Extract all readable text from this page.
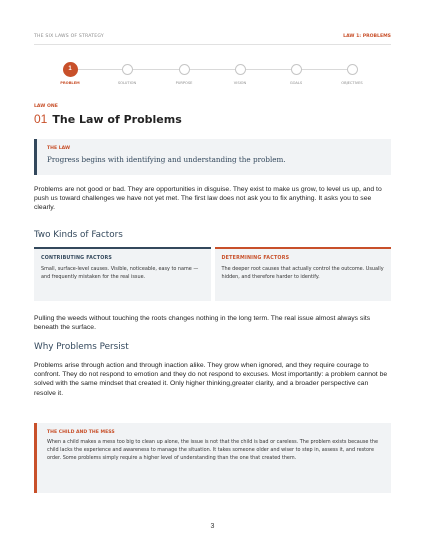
THE SIX LAWS OF STRATEGY	LAW 1: PROBLEMS
1
PROBLEM	SOLUTION	PURPOSE	VISION	GOALS	OBJECTIVES
LAW ONE
01 The Law of Problems
THE LAW
Progress begins with identifying and understanding the problem.
Problems are not good or bad. They are opportunities in disguise. They exist to make us grow, to level us up, and to push us toward challenges we have not yet met. The first law does not ask you to fix anything. It asks you to see clearly.
Two Kinds of Factors
CONTRIBUTING FACTORS
Small, surface-level causes. Visible, noticeable, easy to name — and frequently mistaken for the real issue.
DETERMINING FACTORS
The deeper root causes that actually control the outcome. Usually hidden, and therefore harder to identify.
Pulling the weeds without touching the roots changes nothing in the long term. The real issue almost always sits beneath the surface.
Why Problems Persist
Problems arise through action and through inaction alike. They grow when ignored, and they require courage to confront. They do not respond to emotion and they do not respond to excuses. Most importantly: a problem cannot be solved with the same mindset that created it. Only higher thinking,greater clarity, and a broader perspective can resolve it.
THE CHILD AND THE MESS
When a child makes a mess too big to clean up alone, the issue is not that the child is bad or careless. The problem exists because the child lacks the experience and awareness to manage the situation. It takes someone older and wiser to step in, assess it, and restore order. Some problems simply require a higher level of understanding than the one that created them.
3
